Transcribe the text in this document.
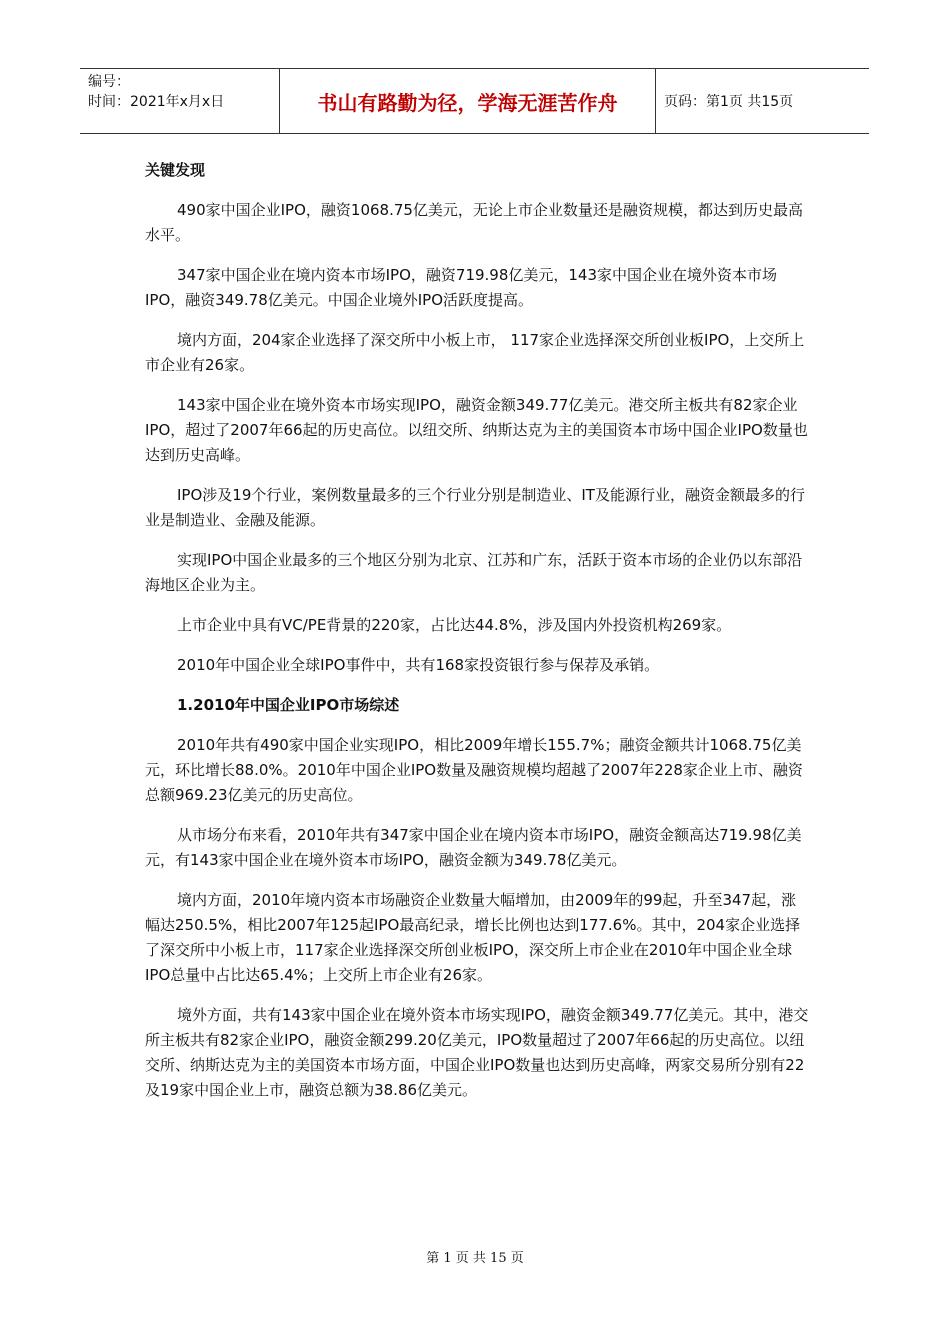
编号：
时间：2021年x月x日	书山有路勤为径，学海无涯苦作舟	页码：第1页 共15页

关键发现

490家中国企业IPO，融资1068.75亿美元，无论上市企业数量还是融资规模，都达到历史最高水平。

347家中国企业在境内资本市场IPO，融资719.98亿美元，143家中国企业在境外资本市场IPO，融资349.78亿美元。中国企业境外IPO活跃度提高。

境内方面，204家企业选择了深交所中小板上市， 117家企业选择深交所创业板IPO，上交所上市企业有26家。

143家中国企业在境外资本市场实现IPO，融资金额349.77亿美元。港交所主板共有82家企业IPO，超过了2007年66起的历史高位。以纽交所、纳斯达克为主的美国资本市场中国企业IPO数量也达到历史高峰。

IPO涉及19个行业，案例数量最多的三个行业分别是制造业、IT及能源行业，融资金额最多的行业是制造业、金融及能源。

实现IPO中国企业最多的三个地区分别为北京、江苏和广东，活跃于资本市场的企业仍以东部沿海地区企业为主。

上市企业中具有VC/PE背景的220家，占比达44.8%，涉及国内外投资机构269家。

2010年中国企业全球IPO事件中，共有168家投资银行参与保荐及承销。

1.2010年中国企业IPO市场综述

2010年共有490家中国企业实现IPO，相比2009年增长155.7%；融资金额共计1068.75亿美元，环比增长88.0%。2010年中国企业IPO数量及融资规模均超越了2007年228家企业上市、融资总额969.23亿美元的历史高位。

从市场分布来看，2010年共有347家中国企业在境内资本市场IPO，融资金额高达719.98亿美元，有143家中国企业在境外资本市场IPO，融资金额为349.78亿美元。

境内方面，2010年境内资本市场融资企业数量大幅增加，由2009年的99起，升至347起，涨幅达250.5%，相比2007年125起IPO最高纪录，增长比例也达到177.6%。其中，204家企业选择了深交所中小板上市，117家企业选择深交所创业板IPO，深交所上市企业在2010年中国企业全球IPO总量中占比达65.4%；上交所上市企业有26家。

境外方面，共有143家中国企业在境外资本市场实现IPO，融资金额349.77亿美元。其中，港交所主板共有82家企业IPO，融资金额299.20亿美元，IPO数量超过了2007年66起的历史高位。以纽交所、纳斯达克为主的美国资本市场方面，中国企业IPO数量也达到历史高峰，两家交易所分别有22及19家中国企业上市，融资总额为38.86亿美元。

第 1 页 共 15 页
